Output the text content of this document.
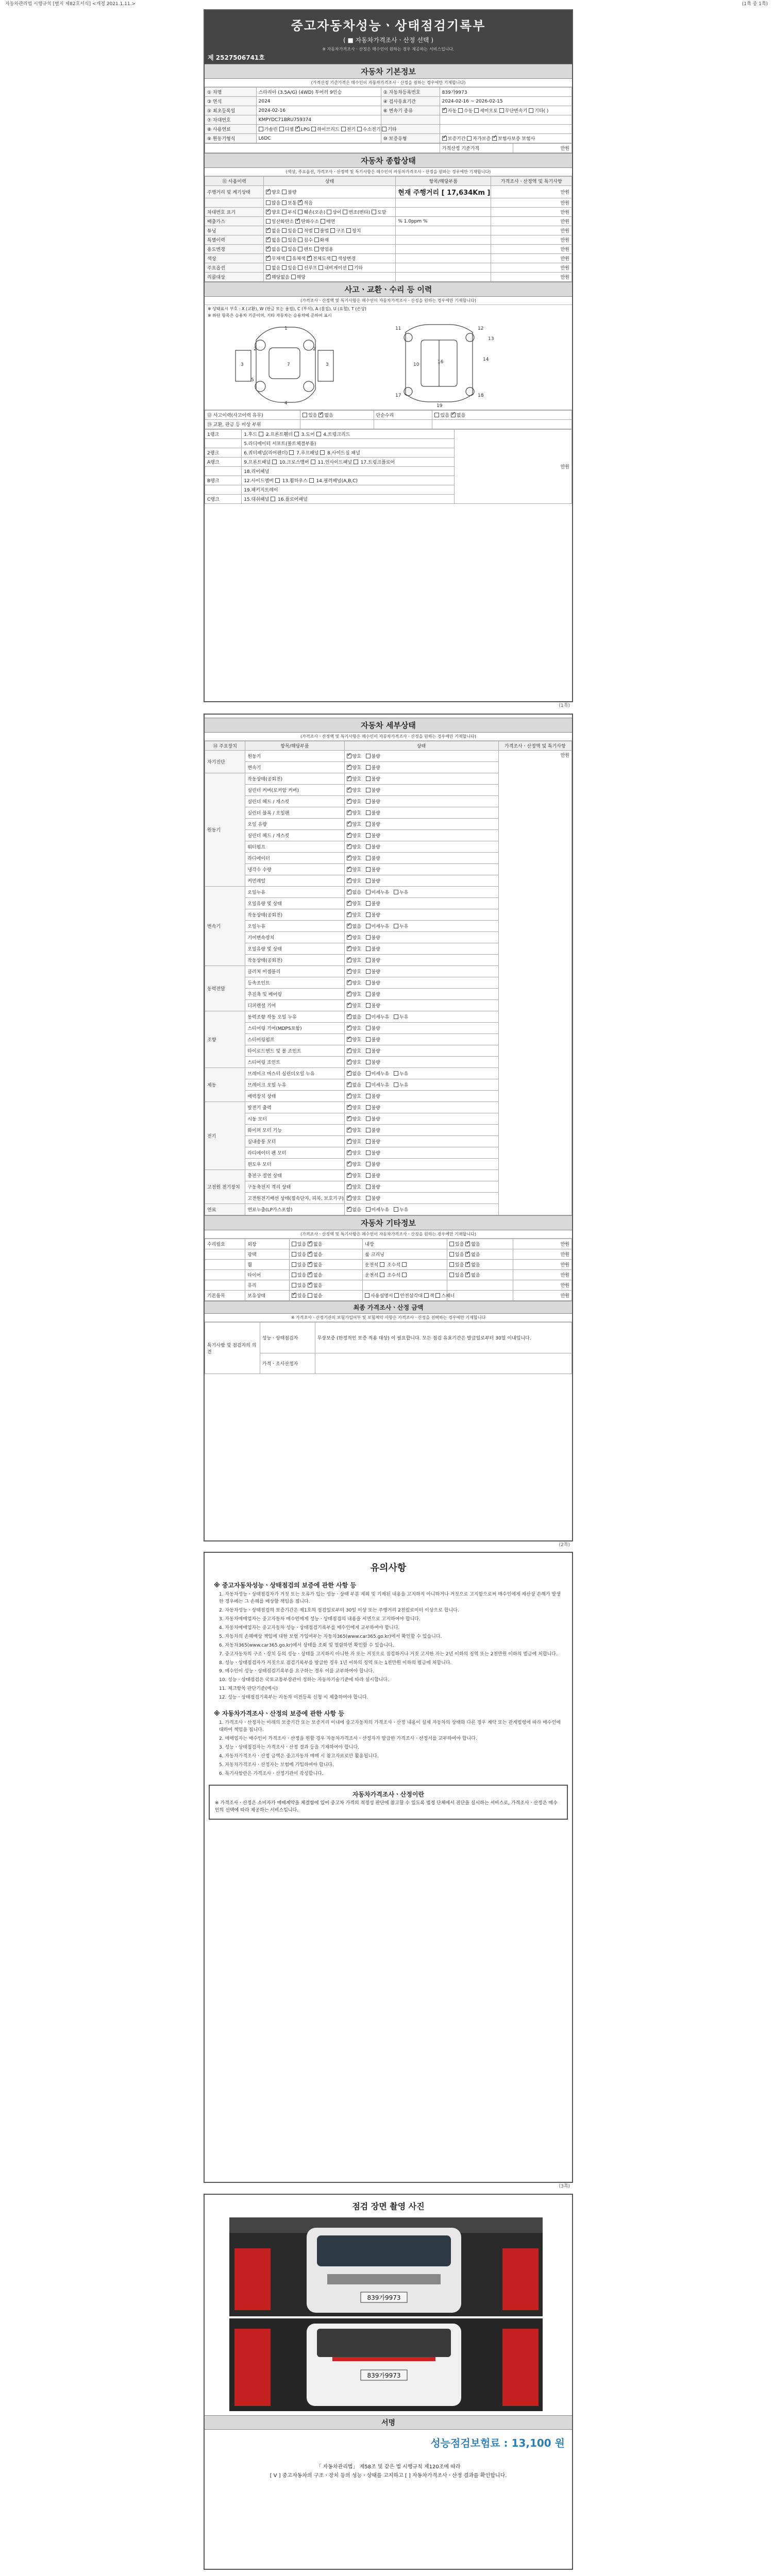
자동차관리법 시행규칙 [별지 제82호서식] <개정 2021.1.11.>	(1쪽 중 1쪽)
중고자동차성능ㆍ상태점검기록부
( ■ 자동차가격조사ㆍ산정 선택 )
※ 자동차가격조사ㆍ산정은 매수인이 원하는 경우 제공하는 서비스입니다.
제 2527506741호
자동차 기본정보
(가격산정 기준가격은 매수인이 자동차가격조사ㆍ산정을 원하는 경우에만 기재합니다)
① 차명	스타리아 (3.5A/G) (4WD) 투어러 9인승	② 자동차등록번호	839가9973
③ 연식	2024	④ 검사유효기간	2024-02-16 ~ 2026-02-15
⑤ 최초등록일	2024-02-16	⑥ 변속기 종류	✓자동 수동 세미오토 무단변속기 기타( )
⑦ 차대번호	KMPYDC71BRU759374		
⑧ 사용연료	가솔린 디젤 ✓LPG 하이브리드 전기 수소전기		
⑨ 원동기형식	L6DC	⑩ 보증유형	✓보증기간 자가보증 ✓보험사보증 보험사
	가격산정 기준가격	만원
자동차 종합상태
(색상, 주요옵션, 가격조사ㆍ산정액 및 특기사항은 매수인이 자동차가격조사ㆍ산정을 원하는 경우에만 기재합니다)
⑪ 사용이력	상태	항목/해당부품	가격조사ㆍ산정액 및 특기사항
주행거리 및 계기상태	✓양호 불량	현재 주행거리 [ 17,634Km ]	만원
	많음 보통 ✓적음		만원
차대번호 표기	✓양호 부식 훼손(오손) 상이 변조(변타) 도말		만원
배출가스	일산화탄소 ✓탄화수소 매연	% 1.0ppm %	만원
튜닝	✓없음 있음 적법 불법 구조 장치		만원
특별이력	✓없음 있음 침수 화재		만원
용도변경	✓없음 있음 렌트 영업용		만원
색상	✓무채색 유채색 ✓전체도색 색상변경		만원
주요옵션	없음 있음 선루프 내비게이션 기타		만원
리콜대상	✓해당없음 해당		만원
사고ㆍ교환ㆍ수리 등 이력
(가격조사ㆍ산정액 및 특기사항은 매수인이 자동차가격조사ㆍ산정을 원하는 경우에만 기재합니다)
※ 상태표시 부호 : X (교환), W (판금 또는 용접), C (부식), A (흠집), U (요철), T (손상)
※ 하단 항목은 승용차 기준이며, 기타 자동차는 승용차에 준하여 표시
1
2	2
3	3
4
7
5
11	12
13
14
16
17	18
19
10
⑫ 사고이력(사고이력 유무)	있음 ✓없음	단순수리	있음 ✓없음
⑬ 교환, 판금 등 이상 부위			
1랭크	1.후드  2.프론트휀더  3.도어  4.트렁크리드	만원
	5.라디에이터 서포트(볼트체결부품)	
2랭크	6.쿼터패널(리어펜더)  7.루프패널  8.사이드실 패널	
A랭크	9.프론트패널  10.크로스멤버  11.인사이드패널  17.트렁크플로어	
	18.리어패널	
B랭크	12.사이드멤버  13.휠하우스  14.필러패널(A,B,C)	
	19.패키지트레이	
C랭크	15.대쉬패널  16.플로어패널	
(1쪽)
자동차 세부상태
(가격조사ㆍ산정액 및 특기사항은 매수인이 자동차가격조사ㆍ산정을 원하는 경우에만 기재합니다)
⑭ 주요장치	항목/해당부품	상태	가격조사ㆍ산정액 및 특기사항
자기진단	원동기	✓양호   불량	만원
	변속기	✓양호   불량
원동기	작동상태(공회전)	✓양호   불량
	실린더 커버(로커암 커버)	✓양호   불량
	실린더 헤드 / 개스킷	✓양호   불량
	실린더 블록 / 오일팬	✓양호   불량
	오일 유량	✓양호   불량
	실린더 헤드 / 개스킷	✓양호   불량
	워터펌프	✓양호   불량
	라디에이터	✓양호   불량
	냉각수 수량	✓양호   불량
	커먼레일	✓양호   불량
변속기	오일누유	✓없음   미세누유   누유
	오일유량 및 상태	✓양호   불량
	작동상태(공회전)	✓양호   불량
	오일누유	✓없음   미세누유   누유
	기어변속장치	✓양호   불량
	오일유량 및 상태	✓양호   불량
	작동상태(공회전)	✓양호   불량
동력전달	클러치 어셈블리	✓양호   불량
	등속조인트	✓양호   불량
	추진축 및 베어링	✓양호   불량
	디퍼렌셜 기어	✓양호   불량
조향	동력조향 작동 오일 누유	✓없음   미세누유   누유
	스티어링 기어(MDPS포함)	✓양호   불량
	스티어링펌프	✓양호   불량
	타이로드엔드 및 볼 조인트	✓양호   불량
	스티어링 조인트	✓양호   불량
제동	브레이크 마스터 실린더오일 누유	✓없음   미세누유   누유
	브레이크 오일 누유	✓없음   미세누유   누유
	배력장치 상태	✓양호   불량
전기	발전기 출력	✓양호   불량
	시동 모터	✓양호   불량
	와이퍼 모터 기능	✓양호   불량
	실내송풍 모터	✓양호   불량
	라디에이터 팬 모터	✓양호   불량
	윈도우 모터	✓양호   불량
고전원 전기장치	충전구 절연 상태	✓양호   불량
	구동축전지 격리 상태	✓양호   불량
	고전원전기배선 상태(접속단자, 피복, 보호기구)	✓양호   불량
연료	연료누출(LP가스포함)	✓없음   미세누유   누유
자동차 기타정보
(가격조사ㆍ산정액 및 특기사항은 매수인이 자동차가격조사ㆍ산정을 원하는 경우에만 기재합니다)
수리필요	외장	있음 ✓없음	내장	있음 ✓없음	만원
	광택	있음 ✓없음	룸 크리닝	있음 ✓없음	만원
	휠	있음 ✓없음	운전석  조수석	있음 ✓없음	만원
	타이어	있음 ✓없음	운전석  조수석	있음 ✓없음	만원
	유리	있음 ✓없음			만원
기본품목	보유상태	✓있음 없음	사용설명서 안전삼각대 잭 스패너		만원
최종 가격조사ㆍ산정 금액
※ 가격조사ㆍ산정기관의 보험가입여부 및 보험계약 사항은 가격조사ㆍ산정을 선택하는 경우에만 기재합니다
특기사항 및 점검자의 의견	성능ㆍ상태점검자	무상보증 (한정적인 보증 적용 대상) 이 필요합니다. 모든 점검 유효기간은 발급일로부터 30일 이내입니다.
	가격ㆍ조사산정자	
(2쪽)
유의사항
※ 중고자동차성능ㆍ상태점검의 보증에 관한 사항 등
1. 자동차성능ㆍ상태점검자가 거짓 또는 오류가 있는 성능ㆍ상태 부분 제외 및 기재된 내용을 고지하지 아니하거나 거짓으로 고지함으로써 매수인에게 재산상 손해가 발생한 경우에는 그 손해를 배상할 책임을 집니다.
2. 자동차성능ㆍ상태점검의 보증기간은 제1호의 점검일로부터 30일 이상 또는 주행거리 2천킬로미터 이상으로 합니다.
3. 자동차매매업자는 중고자동차 매수인에게 성능ㆍ상태점검의 내용을 서면으로 고지하여야 합니다.
4. 자동차매매업자는 중고자동차 성능ㆍ상태점검기록부를 매수인에게 교부하여야 합니다.
5. 자동차의 손해배상 책임에 대한 보험 가입여부는 자동차365(www.car365.go.kr)에서 확인할 수 있습니다.
6. 자동차365(www.car365.go.kr)에서 상태를 조회 및 열람하면 확인할 수 있습니다.
7. 중고자동차의 구조ㆍ장치 등의 성능ㆍ상태를 고지하지 아니한 자 또는 거짓으로 점검하거나 거짓 고지한 자는 2년 이하의 징역 또는 2천만원 이하의 벌금에 처합니다.
8. 성능ㆍ상태점검자가 거짓으로 점검기록부를 발급한 경우 1년 이하의 징역 또는 1천만원 이하의 벌금에 처합니다.
9. 매수인이 성능ㆍ상태점검기록부를 요구하는 경우 이를 교부하여야 합니다.
10. 성능ㆍ상태점검은 국토교통부장관이 정하는 자동차기술기준에 따라 실시합니다.
11. 체크항목 판단기준(예시)
12. 성능ㆍ상태점검기록부는 자동차 이전등록 신청 시 제출하여야 합니다.
※ 자동차가격조사ㆍ산정의 보증에 관한 사항 등
1. 가격조사ㆍ산정자는 아래의 보증기간 또는 보증거리 이내에 중고자동차의 가격조사ㆍ산정 내용이 실제 자동차의 상태와 다른 경우 계약 또는 관계법령에 따라 매수인에 대하여 책임을 집니다.
2. 매매업자는 매수인이 가격조사ㆍ산정을 원할 경우 자동차가격조사ㆍ산정자가 발급한 가격조사ㆍ산정서를 교부하여야 합니다.
3. 성능ㆍ상태점검자는 가격조사ㆍ산정 결과 등을 기재하여야 합니다.
4. 자동차가격조사ㆍ산정 금액은 중고자동차 매매 시 참고자료로만 활용됩니다.
5. 자동차가격조사ㆍ산정자는 보험에 가입하여야 합니다.
6. 특기사항란은 가격조사ㆍ산정기관이 작성합니다.
자동차가격조사ㆍ산정이란
※ 가격조사ㆍ산정은 소비자가 매매계약을 체결함에 있어 중고차 가격의 적정성 판단에 참고할 수 있도록 법정 단체에서 진단을 실시하는 서비스로, 가격조사ㆍ산정은 매수인의 선택에 따라 제공하는 서비스입니다.
(3쪽)
점검 장면 촬영 사진
839가9973
839가9973
서명
성능점검보험료 : 13,100 원
「 자동차관리법」 제58조 및 같은 법 시행규칙 제120조에 따라
[ V ] 중고자동차의 구조ㆍ장치 등의 성능ㆍ상태를 고지하고 [ ] 자동차가격조사ㆍ산정 결과를 확인합니다.
